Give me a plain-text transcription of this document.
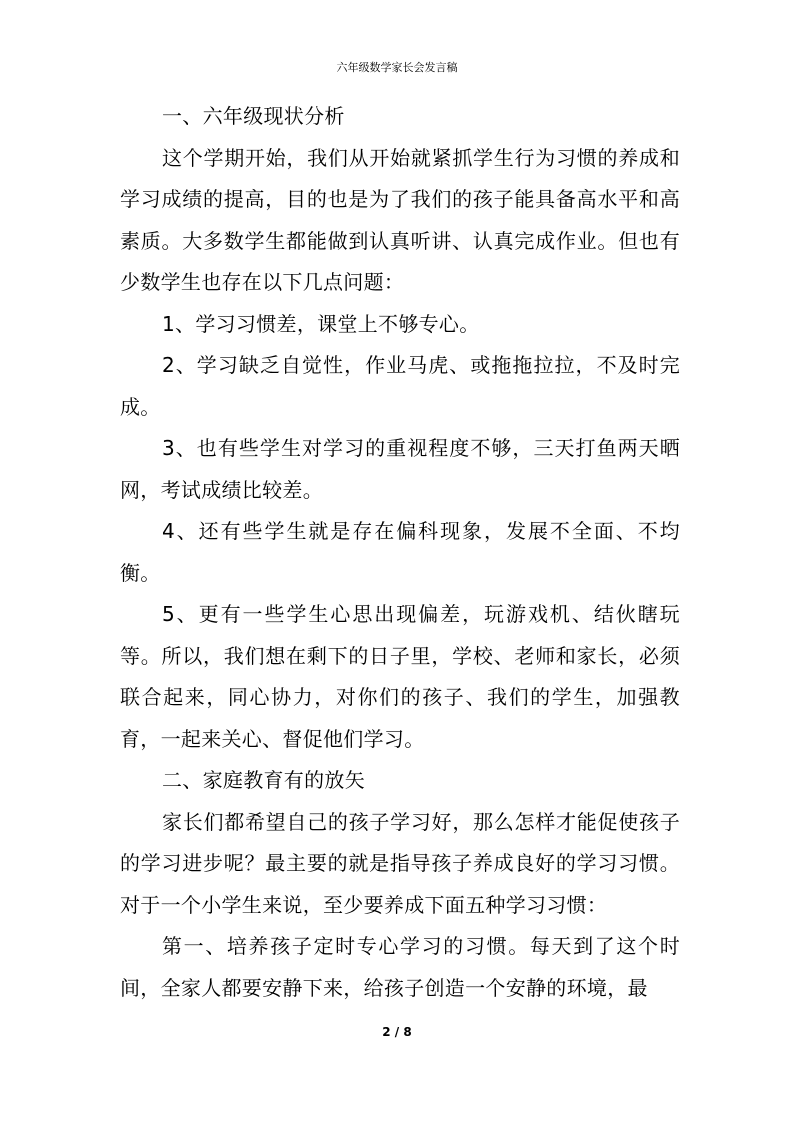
六年级数学家长会发言稿

一、六年级现状分析

这个学期开始，我们从开始就紧抓学生行为习惯的养成和学习成绩的提高，目的也是为了我们的孩子能具备高水平和高素质。大多数学生都能做到认真听讲、认真完成作业。但也有少数学生也存在以下几点问题：

1、学习习惯差，课堂上不够专心。

2、学习缺乏自觉性，作业马虎、或拖拖拉拉，不及时完成。

3、也有些学生对学习的重视程度不够，三天打鱼两天晒网，考试成绩比较差。

4、还有些学生就是存在偏科现象，发展不全面、不均衡。

5、更有一些学生心思出现偏差，玩游戏机、结伙瞎玩等。所以，我们想在剩下的日子里，学校、老师和家长，必须联合起来，同心协力，对你们的孩子、我们的学生，加强教育，一起来关心、督促他们学习。

二、家庭教育有的放矢

家长们都希望自己的孩子学习好，那么怎样才能促使孩子的学习进步呢？最主要的就是指导孩子养成良好的学习习惯。对于一个小学生来说，至少要养成下面五种学习习惯：

第一、培养孩子定时专心学习的习惯。每天到了这个时间，全家人都要安静下来，给孩子创造一个安静的环境，最

2 / 8
